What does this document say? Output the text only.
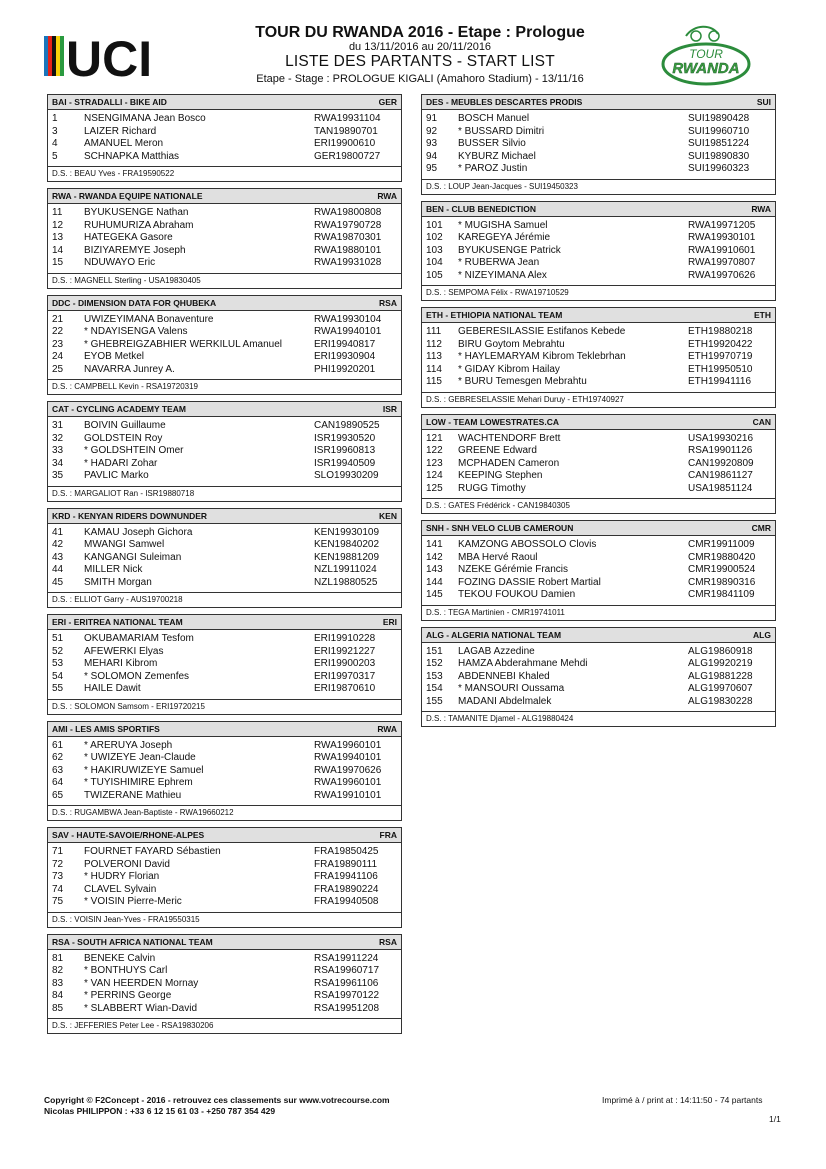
UCI	TOUR
RWANDA
TOUR DU RWANDA 2016 - Etape : Prologue
du 13/11/2016 au 20/11/2016
LISTE DES PARTANTS - START LIST
Etape - Stage : PROLOGUE KIGALI (Amahoro Stadium) - 13/11/16
BAI - STRADALLI - BIKE AID	GER
1	NSENGIMANA Jean Bosco	RWA19931104
3	LAIZER Richard	TAN19890701
4	AMANUEL Meron	ERI19900610
5	SCHNAPKA Matthias	GER19800727
D.S. : BEAU Yves - FRA19590522
RWA - RWANDA EQUIPE NATIONALE	RWA
11	BYUKUSENGE Nathan	RWA19800808
12	RUHUMURIZA Abraham	RWA19790728
13	HATEGEKA Gasore	RWA19870301
14	BIZIYAREMYE Joseph	RWA19880101
15	NDUWAYO Eric	RWA19931028
D.S. : MAGNELL Sterling - USA19830405
DDC - DIMENSION DATA FOR QHUBEKA	RSA
21	UWIZEYIMANA Bonaventure	RWA19930104
22	* NDAYISENGA Valens	RWA19940101
23	* GHEBREIGZABHIER WERKILUL Amanuel	ERI19940817
24	EYOB Metkel	ERI19930904
25	NAVARRA Junrey A.	PHI19920201
D.S. : CAMPBELL Kevin - RSA19720319
CAT - CYCLING ACADEMY TEAM	ISR
31	BOIVIN Guillaume	CAN19890525
32	GOLDSTEIN Roy	ISR19930520
33	* GOLDSHTEIN Omer	ISR19960813
34	* HADARI Zohar	ISR19940509
35	PAVLIC Marko	SLO19930209
D.S. : MARGALIOT Ran - ISR19880718
KRD - KENYAN RIDERS DOWNUNDER	KEN
41	KAMAU Joseph Gichora	KEN19930109
42	MWANGI Samwel	KEN19840202
43	KANGANGI Suleiman	KEN19881209
44	MILLER Nick	NZL19911024
45	SMITH Morgan	NZL19880525
D.S. : ELLIOT Garry - AUS19700218
ERI - ERITREA NATIONAL TEAM	ERI
51	OKUBAMARIAM Tesfom	ERI19910228
52	AFEWERKI Elyas	ERI19921227
53	MEHARI Kibrom	ERI19900203
54	* SOLOMON Zemenfes	ERI19970317
55	HAILE Dawit	ERI19870610
D.S. : SOLOMON Samsom - ERI19720215
AMI - LES AMIS SPORTIFS	RWA
61	* ARERUYA Joseph	RWA19960101
62	* UWIZEYE Jean-Claude	RWA19940101
63	* HAKIRUWIZEYE Samuel	RWA19970626
64	* TUYISHIMIRE Ephrem	RWA19960101
65	TWIZERANE Mathieu	RWA19910101
D.S. : RUGAMBWA Jean-Baptiste - RWA19660212
SAV - HAUTE-SAVOIE/RHONE-ALPES	FRA
71	FOURNET FAYARD Sébastien	FRA19850425
72	POLVERONI David	FRA19890111
73	* HUDRY Florian	FRA19941106
74	CLAVEL Sylvain	FRA19890224
75	* VOISIN Pierre-Meric	FRA19940508
D.S. : VOISIN Jean-Yves - FRA19550315
RSA - SOUTH AFRICA NATIONAL TEAM	RSA
81	BENEKE Calvin	RSA19911224
82	* BONTHUYS Carl	RSA19960717
83	* VAN HEERDEN Mornay	RSA19961106
84	* PERRINS George	RSA19970122
85	* SLABBERT Wian-David	RSA19951208
D.S. : JEFFERIES Peter Lee - RSA19830206
DES - MEUBLES DESCARTES PRODIS	SUI
91	BOSCH Manuel	SUI19890428
92	* BUSSARD Dimitri	SUI19960710
93	BUSSER Silvio	SUI19851224
94	KYBURZ Michael	SUI19890830
95	* PAROZ Justin	SUI19960323
D.S. : LOUP Jean-Jacques - SUI19450323
BEN - CLUB BENEDICTION	RWA
101	* MUGISHA Samuel	RWA19971205
102	KAREGEYA Jérémie	RWA19930101
103	BYUKUSENGE Patrick	RWA19910601
104	* RUBERWA Jean	RWA19970807
105	* NIZEYIMANA Alex	RWA19970626
D.S. : SEMPOMA Félix - RWA19710529
ETH - ETHIOPIA NATIONAL TEAM	ETH
111	GEBERESILASSIE Estifanos Kebede	ETH19880218
112	BIRU Goytom Mebrahtu	ETH19920422
113	* HAYLEMARYAM Kibrom Teklebrhan	ETH19970719
114	* GIDAY Kibrom Hailay	ETH19950510
115	* BURU Temesgen Mebrahtu	ETH19941116
D.S. : GEBRESELASSIE Mehari Duruy - ETH19740927
LOW - TEAM LOWESTRATES.CA	CAN
121	WACHTENDORF Brett	USA19930216
122	GREENE Edward	RSA19901126
123	MCPHADEN Cameron	CAN19920809
124	KEEPING Stephen	CAN19861127
125	RUGG Timothy	USA19851124
D.S. : GATES Frédérick - CAN19840305
SNH - SNH VELO CLUB CAMEROUN	CMR
141	KAMZONG ABOSSOLO Clovis	CMR19911009
142	MBA Hervé Raoul	CMR19880420
143	NZEKE Gérémie Francis	CMR19900524
144	FOZING DASSIE Robert Martial	CMR19890316
145	TEKOU FOUKOU Damien	CMR19841109
D.S. : TEGA Martinien - CMR19741011
ALG - ALGERIA NATIONAL TEAM	ALG
151	LAGAB Azzedine	ALG19860918
152	HAMZA Abderahmane Mehdi	ALG19920219
153	ABDENNEBI Khaled	ALG19881228
154	* MANSOURI Oussama	ALG19970607
155	MADANI Abdelmalek	ALG19830228
D.S. : TAMANITE Djamel - ALG19880424
Copyright © F2Concept - 2016 - retrouvez ces classements sur www.votrecourse.com
Nicolas PHILIPPON : +33 6 12 15 61 03 - +250 787 354 429
Imprimé à / print at : 14:11:50 - 74 partants
1/1
